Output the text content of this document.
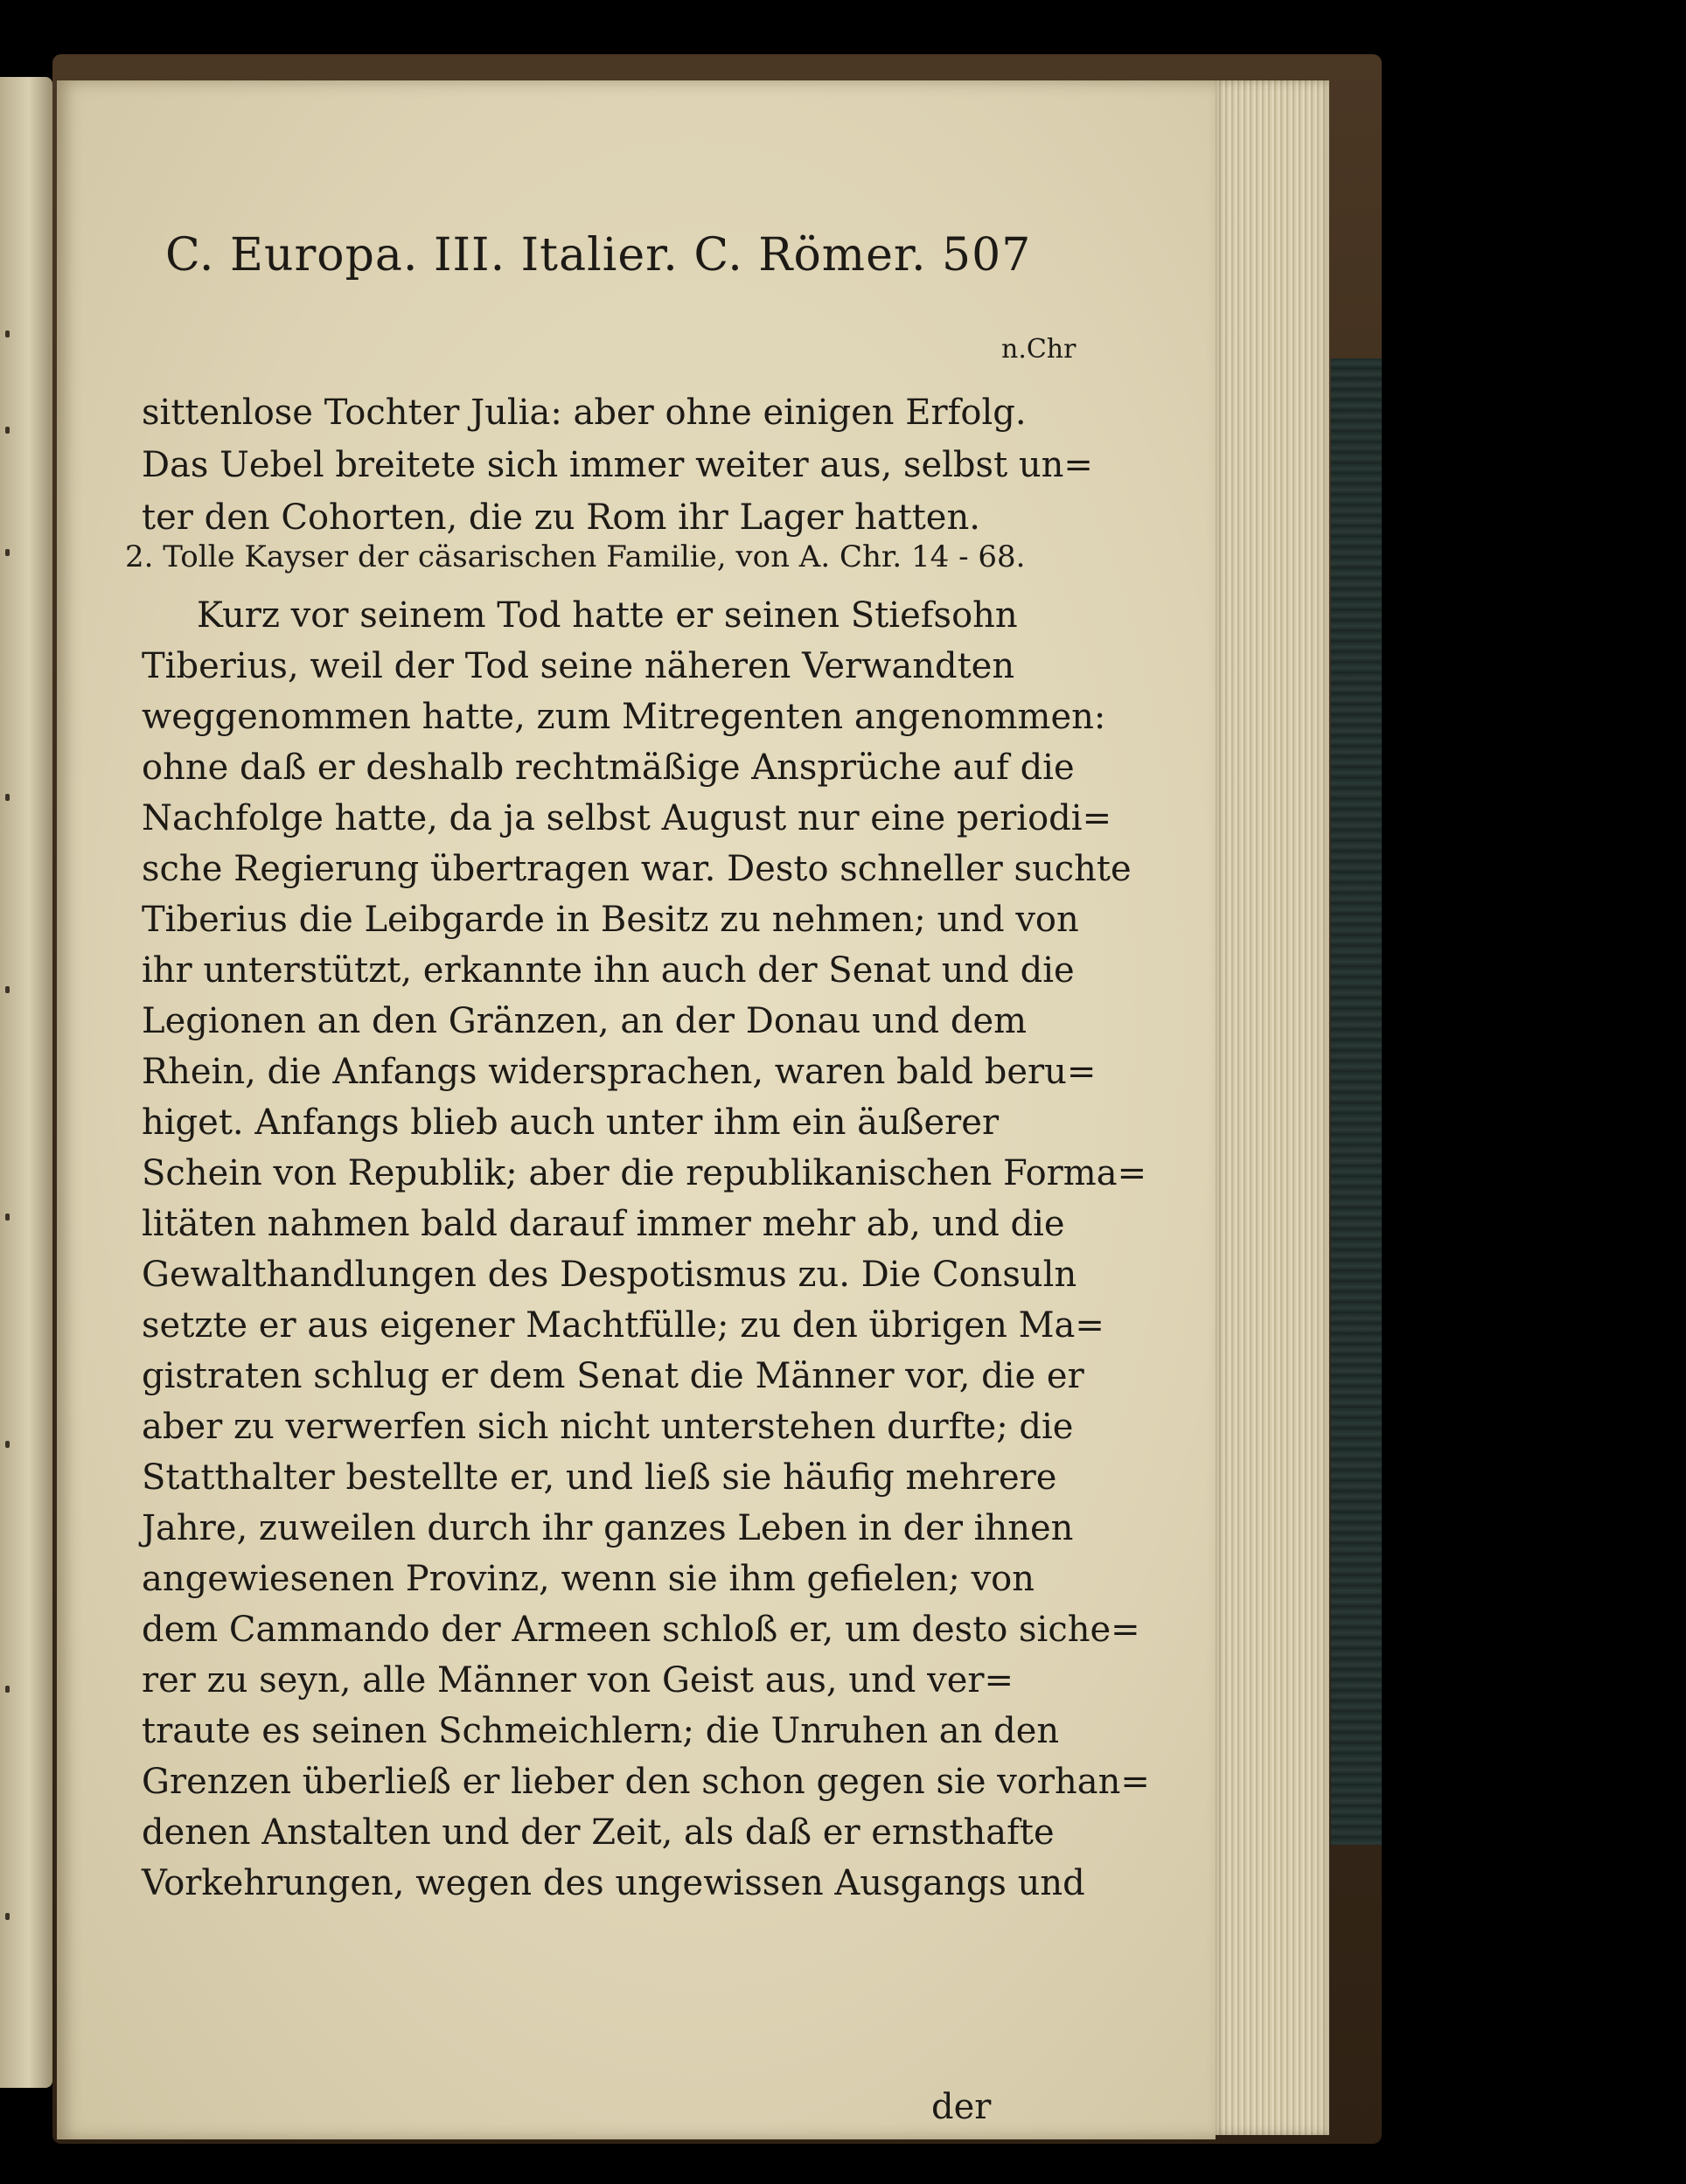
C. Europa. III. Italier. C. Römer. 507
sittenlose Tochter Julia: aber ohne einigen Erfolg.
n.Chr
Das Uebel breitete sich immer weiter aus, selbst un=
ter den Cohorten, die zu Rom ihr Lager hatten.
2. Tolle Kayser der cäsarischen Familie, von A. Chr. 14 - 68.
Kurz vor seinem Tod hatte er seinen Stiefsohn
Tiberius, weil der Tod seine näheren Verwandten
weggenommen hatte, zum Mitregenten angenommen:
ohne daß er deshalb rechtmäßige Ansprüche auf die
Nachfolge hatte, da ja selbst August nur eine periodi=
sche Regierung übertragen war. Desto schneller suchte
Tiberius die Leibgarde in Besitz zu nehmen; und von
ihr unterstützt, erkannte ihn auch der Senat und die
Legionen an den Gränzen, an der Donau und dem
Rhein, die Anfangs widersprachen, waren bald beru=
higet. Anfangs blieb auch unter ihm ein äußerer
Schein von Republik; aber die republikanischen Forma=
litäten nahmen bald darauf immer mehr ab, und die
Gewalthandlungen des Despotismus zu. Die Consuln
setzte er aus eigener Machtfülle; zu den übrigen Ma=
gistraten schlug er dem Senat die Männer vor, die er
aber zu verwerfen sich nicht unterstehen durfte; die
Statthalter bestellte er, und ließ sie häufig mehrere
Jahre, zuweilen durch ihr ganzes Leben in der ihnen
angewiesenen Provinz, wenn sie ihm gefielen; von
dem Cammando der Armeen schloß er, um desto siche=
rer zu seyn, alle Männer von Geist aus, und ver=
traute es seinen Schmeichlern; die Unruhen an den
Grenzen überließ er lieber den schon gegen sie vorhan=
denen Anstalten und der Zeit, als daß er ernsthafte
Vorkehrungen, wegen des ungewissen Ausgangs und
der
